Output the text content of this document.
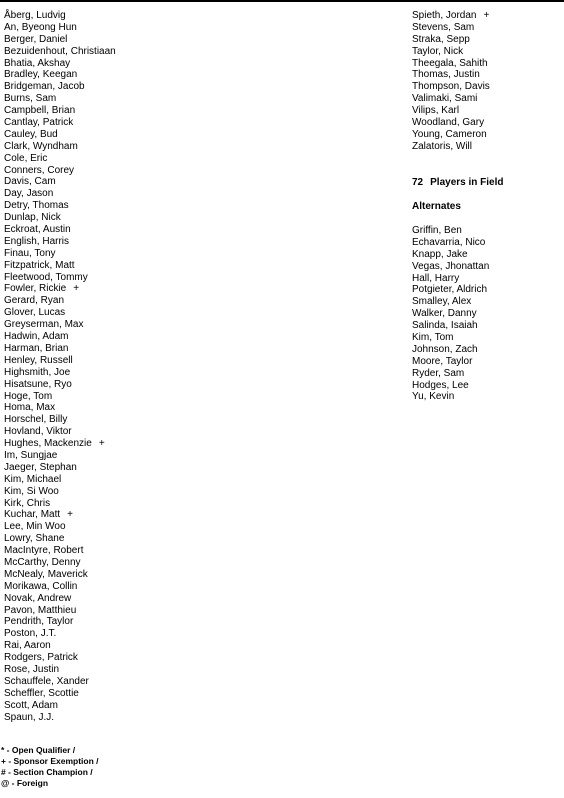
Åberg, Ludvig
An, Byeong Hun
Berger, Daniel
Bezuidenhout, Christiaan
Bhatia, Akshay
Bradley, Keegan
Bridgeman, Jacob
Burns, Sam
Campbell, Brian
Cantlay, Patrick
Cauley, Bud
Clark, Wyndham
Cole, Eric
Conners, Corey
Davis, Cam
Day, Jason
Detry, Thomas
Dunlap, Nick
Eckroat, Austin
English, Harris
Finau, Tony
Fitzpatrick, Matt
Fleetwood, Tommy
Fowler, Rickie +
Gerard, Ryan
Glover, Lucas
Greyserman, Max
Hadwin, Adam
Harman, Brian
Henley, Russell
Highsmith, Joe
Hisatsune, Ryo
Hoge, Tom
Homa, Max
Horschel, Billy
Hovland, Viktor
Hughes, Mackenzie +
Im, Sungjae
Jaeger, Stephan
Kim, Michael
Kim, Si Woo
Kirk, Chris
Kuchar, Matt +
Lee, Min Woo
Lowry, Shane
MacIntyre, Robert
McCarthy, Denny
McNealy, Maverick
Morikawa, Collin
Novak, Andrew
Pavon, Matthieu
Pendrith, Taylor
Poston, J.T.
Rai, Aaron
Rodgers, Patrick
Rose, Justin
Schauffele, Xander
Scheffler, Scottie
Scott, Adam
Spaun, J.J.
Spieth, Jordan +
Stevens, Sam
Straka, Sepp
Taylor, Nick
Theegala, Sahith
Thomas, Justin
Thompson, Davis
Valimaki, Sami
Vilips, Karl
Woodland, Gary
Young, Cameron
Zalatoris, Will
72 Players in Field
Alternates
Griffin, Ben
Echavarria, Nico
Knapp, Jake
Vegas, Jhonattan
Hall, Harry
Potgieter, Aldrich
Smalley, Alex
Walker, Danny
Salinda, Isaiah
Kim, Tom
Johnson, Zach
Moore, Taylor
Ryder, Sam
Hodges, Lee
Yu, Kevin
* - Open Qualifier /
+ - Sponsor Exemption /
# - Section Champion /
@ - Foreign
